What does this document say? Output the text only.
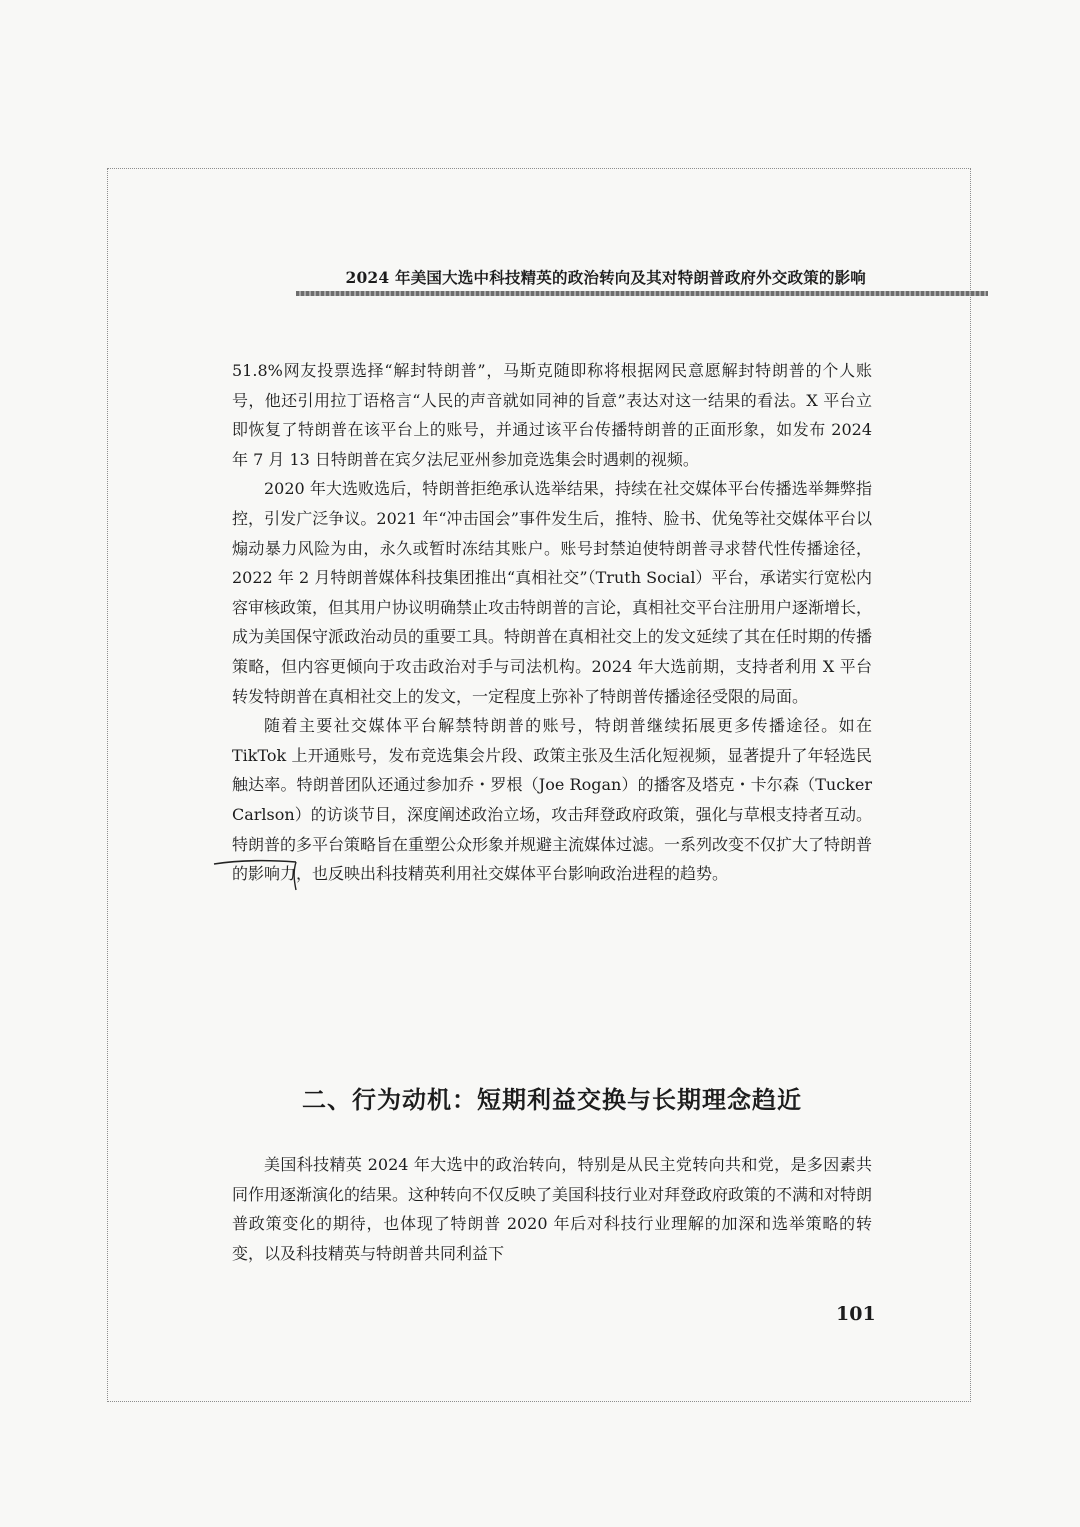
2024 年美国大选中科技精英的政治转向及其对特朗普政府外交政策的影响

51.8%网友投票选择“解封特朗普”，马斯克随即称将根据网民意愿解封特朗普的个人账号，他还引用拉丁语格言“人民的声音就如同神的旨意”表达对这一结果的看法。X 平台立即恢复了特朗普在该平台上的账号，并通过该平台传播特朗普的正面形象，如发布 2024 年 7 月 13 日特朗普在宾夕法尼亚州参加竞选集会时遇刺的视频。

2020 年大选败选后，特朗普拒绝承认选举结果，持续在社交媒体平台传播选举舞弊指控，引发广泛争议。2021 年“冲击国会”事件发生后，推特、脸书、优兔等社交媒体平台以煽动暴力风险为由，永久或暂时冻结其账户。账号封禁迫使特朗普寻求替代性传播途径，2022 年 2 月特朗普媒体科技集团推出“真相社交”（Truth Social）平台，承诺实行宽松内容审核政策，但其用户协议明确禁止攻击特朗普的言论，真相社交平台注册用户逐渐增长，成为美国保守派政治动员的重要工具。特朗普在真相社交上的发文延续了其在任时期的传播策略，但内容更倾向于攻击政治对手与司法机构。2024 年大选前期，支持者利用 X 平台转发特朗普在真相社交上的发文，一定程度上弥补了特朗普传播途径受限的局面。

随着主要社交媒体平台解禁特朗普的账号，特朗普继续拓展更多传播途径。如在 TikTok 上开通账号，发布竞选集会片段、政策主张及生活化短视频，显著提升了年轻选民触达率。特朗普团队还通过参加乔・罗根（Joe Rogan）的播客及塔克・卡尔森（Tucker Carlson）的访谈节目，深度阐述政治立场，攻击拜登政府政策，强化与草根支持者互动。特朗普的多平台策略旨在重塑公众形象并规避主流媒体过滤。一系列改变不仅扩大了特朗普的影响力，也反映出科技精英利用社交媒体平台影响政治进程的趋势。

二、行为动机：短期利益交换与长期理念趋近

美国科技精英 2024 年大选中的政治转向，特别是从民主党转向共和党，是多因素共同作用逐渐演化的结果。这种转向不仅反映了美国科技行业对拜登政府政策的不满和对特朗普政策变化的期待，也体现了特朗普 2020 年后对科技行业理解的加深和选举策略的转变，以及科技精英与特朗普共同利益下

101
